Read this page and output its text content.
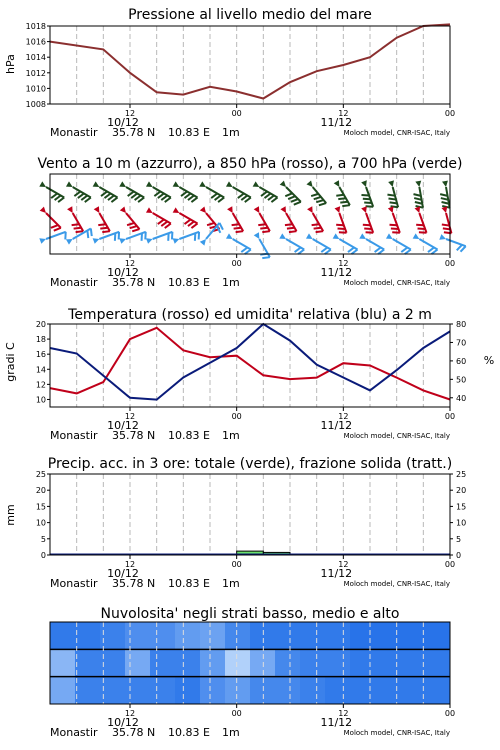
Pressione al livello medio del mare
hPa
1008
1010
1012
1014
1016
1018
12	00	12	00
10/12	11/12
Monastir 35.78 N 10.83 E 1m	Moloch model, CNR-ISAC, Italy
Vento a 10 m (azzurro), a 850 hPa (rosso), a 700 hPa (verde)
12	00	12	00
10/12	11/12
Monastir 35.78 N 10.83 E 1m	Moloch model, CNR-ISAC, Italy
Temperatura (rosso) ed umidita' relativa (blu) a 2 m
gradi C	%
10
12
14
16
18
20
40
50
60
70
80
12	00	12	00
10/12	11/12
Monastir 35.78 N 10.83 E 1m	Moloch model, CNR-ISAC, Italy
Precip. acc. in 3 ore: totale (verde), frazione solida (tratt.)
mm
0
5
10
15
20
25
0
5
10
15
20
25
12	00	12	00
10/12	11/12
Monastir 35.78 N 10.83 E 1m	Moloch model, CNR-ISAC, Italy
Nuvolosita' negli strati basso, medio e alto
12	00	12	00
10/12	11/12
Monastir 35.78 N 10.83 E 1m	Moloch model, CNR-ISAC, Italy
